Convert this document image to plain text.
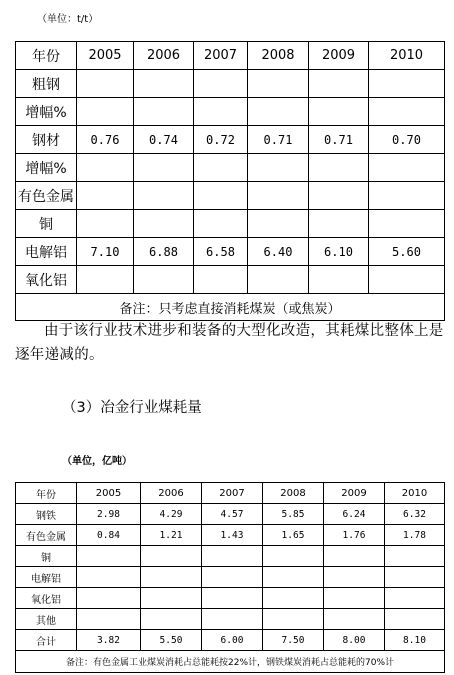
（单位：t/t）
年份	2005	2006	2007	2008	2009	2010
粗钢						
增幅%						
钢材	0.76	0.74	0.72	0.71	0.71	0.70
增幅%						
有色金属						
铜						
电解铝	7.10	6.88	6.58	6.40	6.10	5.60
氧化铝						
备注：只考虑直接消耗煤炭（或焦炭）						
由于该行业技术进步和装备的大型化改造，其耗煤比整体上是逐年递减的。
（3）冶金行业煤耗量
（单位，亿吨）
年份	2005	2006	2007	2008	2009	2010
钢铁	2.98	4.29	4.57	5.85	6.24	6.32
有色金属	0.84	1.21	1.43	1.65	1.76	1.78
铜						
电解铝						
氧化铝						
其他						
合计	3.82	5.50	6.00	7.50	8.00	8.10
备注：有色金属工业煤炭消耗占总能耗按22%计，钢铁煤炭消耗占总能耗的70%计						
